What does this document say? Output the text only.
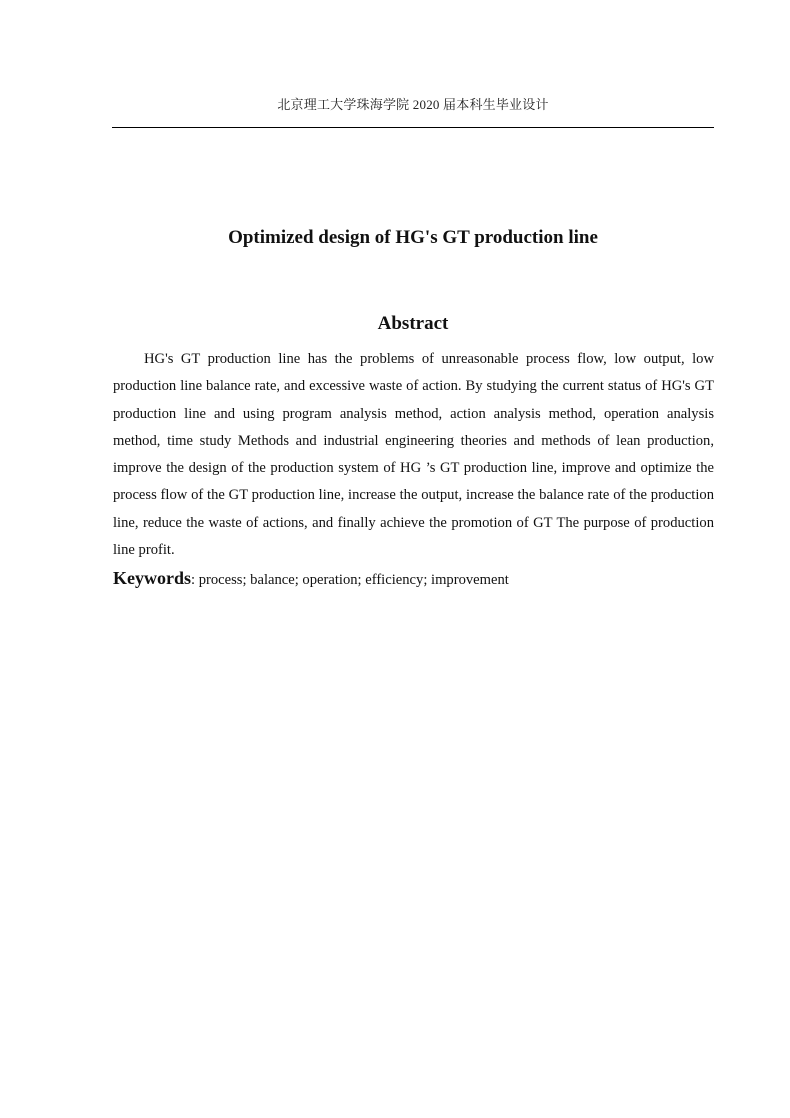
北京理工大学珠海学院 2020 届本科生毕业设计
Optimized design of HG's GT production line
Abstract

HG's GT production line has the problems of unreasonable process flow, low output, low production line balance rate, and excessive waste of action. By studying the current status of HG's GT production line and using program analysis method, action analysis method, operation analysis method, time study Methods and industrial engineering theories and methods of lean production, improve the design of the production system of HG ’s GT production line, improve and optimize the process flow of the GT production line, increase the output, increase the balance rate of the production line, reduce the waste of actions, and finally achieve the promotion of GT The purpose of production line profit.

Keywords: process; balance; operation; efficiency; improvement
